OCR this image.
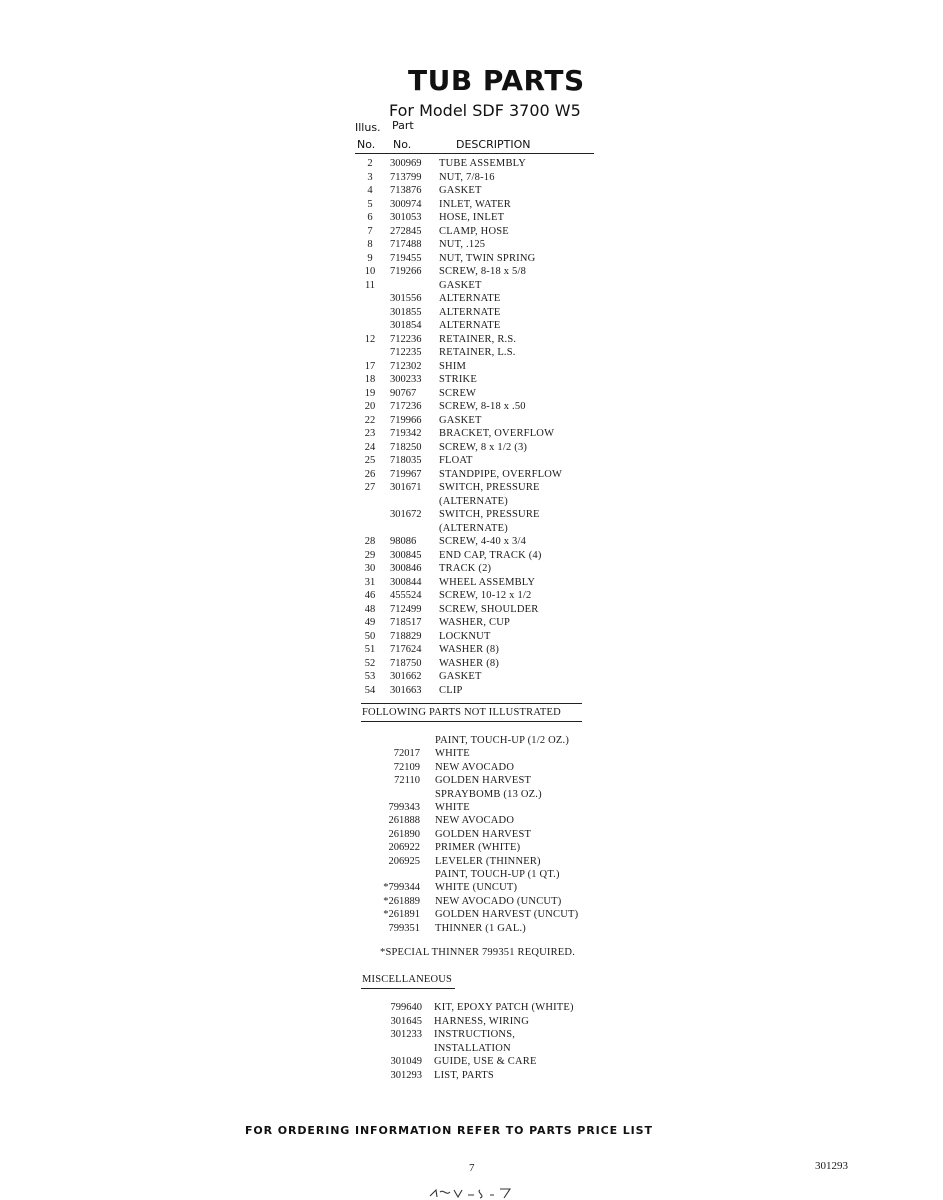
TUB PARTS
For Model SDF 3700 W5
Illus. Part
No. No.	DESCRIPTION
2	300969 TUBE ASSEMBLY
3	713799 NUT, 7/8-16
4	713876 GASKET
5	300974 INLET, WATER
6	301053 HOSE, INLET
7	272845 CLAMP, HOSE
8	717488 NUT, .125
9	719455 NUT, TWIN SPRING
10	719266 SCREW, 8-18 x 5/8
11	GASKET
301556 ALTERNATE
301855 ALTERNATE
301854 ALTERNATE
12	712236 RETAINER, R.S.
712235 RETAINER, L.S.
17	712302 SHIM
18	300233 STRIKE
19	90767 SCREW
20	717236 SCREW, 8-18 x .50
22	719966 GASKET
23	719342 BRACKET, OVERFLOW
24	718250 SCREW, 8 x 1/2 (3)
25	718035 FLOAT
26	719967 STANDPIPE, OVERFLOW
27	301671 SWITCH, PRESSURE
(ALTERNATE)
301672 SWITCH, PRESSURE
(ALTERNATE)
28	98086 SCREW, 4-40 x 3/4
29	300845 END CAP, TRACK (4)
30	300846 TRACK (2)
31	300844 WHEEL ASSEMBLY
46	455524 SCREW, 10-12 x 1/2
48	712499 SCREW, SHOULDER
49	718517 WASHER, CUP
50	718829 LOCKNUT
51	717624 WASHER (8)
52	718750 WASHER (8)
53	301662 GASKET
54	301663 CLIP
FOLLOWING PARTS NOT ILLUSTRATED
PAINT, TOUCH-UP (1/2 OZ.)
72017 WHITE
72109 NEW AVOCADO
72110 GOLDEN HARVEST
SPRAYBOMB (13 OZ.)
799343 WHITE
261888 NEW AVOCADO
261890 GOLDEN HARVEST
206922 PRIMER (WHITE)
206925 LEVELER (THINNER)
PAINT, TOUCH-UP (1 QT.)
*799344 WHITE (UNCUT)
*261889 NEW AVOCADO (UNCUT)
*261891 GOLDEN HARVEST (UNCUT)
799351 THINNER (1 GAL.)
*SPECIAL THINNER 799351 REQUIRED.
MISCELLANEOUS
799640 KIT, EPOXY PATCH (WHITE)
301645 HARNESS, WIRING
301233 INSTRUCTIONS,
INSTALLATION
301049 GUIDE, USE & CARE
301293 LIST, PARTS
FOR ORDERING INFORMATION REFER TO PARTS PRICE LIST
7	301293
